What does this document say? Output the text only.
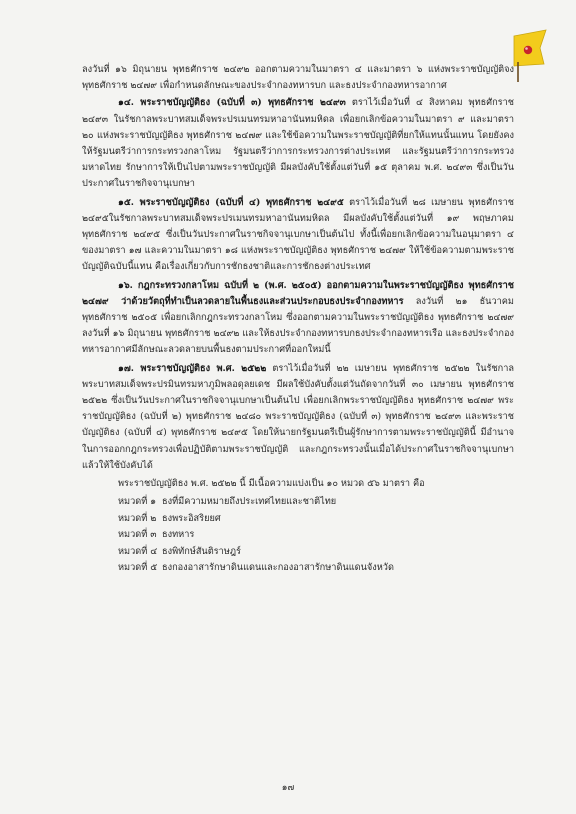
ลงวันที่ ๑๖ มิถุนายน พุทธศักราช ๒๔๙๒ ออกตามความในมาตรา ๔ และมาตรา ๖ แห่งพระราชบัญญัติจง พุทธศักราช ๒๔๗๙ เพื่อกำหนดลักษณะของประจำกองทหารบก และธงประจำกองทหารอากาศ

๑๔. พระราชบัญญัติธง (ฉบับที่ ๓) พุทธศักราช ๒๔๙๓ ตราไว้เมื่อวันที่ ๔ สิงหาคม พุทธศักราช ๒๔๙๓ ในรัชกาลพระบาทสมเด็จพระปรเมนทรมหาอานันทมหิดล เพื่อยกเลิกข้อความในมาตรา ๙ และมาตรา ๒๐ แห่งพระราชบัญญัติธง พุทธศักราช ๒๔๗๙ และใช้ข้อความในพระราชบัญญัติที่ยกให้แทนนั้นแทน โดยยังคงให้รัฐมนตรีว่าการกระทรวงกลาโหม รัฐมนตรีว่าการกระทรวงการต่างประเทศ และรัฐมนตรีว่าการกระทรวงมหาดไทย รักษาการให้เป็นไปตามพระราชบัญญัติ มีผลบังคับใช้ตั้งแต่วันที่ ๑๕ ตุลาคม พ.ศ. ๒๔๙๓ ซึ่งเป็นวันประกาศในราชกิจจานุเบกษา

๑๕. พระราชบัญญัติธง (ฉบับที่ ๔) พุทธศักราช ๒๔๙๕ ตราไว้เมื่อวันที่ ๒๘ เมษายน พุทธศักราช ๒๔๙๕ในรัชกาลพระบาทสมเด็จพระปรเมนทรมหาอานันทมหิดล มีผลบังคับใช้ตั้งแต่วันที่ ๑๙ พฤษภาคม พุทธศักราช ๒๔๙๕ ซึ่งเป็นวันประกาศในราชกิจจานุเบกษาเป็นต้นไป ทั้งนี้เพื่อยกเลิกข้อความในอนุมาตรา ๔ ของมาตรา ๑๗ และความในมาตรา ๑๘ แห่งพระราชบัญญัติธง พุทธศักราช ๒๔๗๙ ให้ใช้ข้อความตามพระราชบัญญัติฉบับนี้แทน คือเรื่องเกี่ยวกับการชักธงชาติและการชักธงต่างประเทศ

๑๖. กฎกระทรวงกลาโหม ฉบับที่ ๒ (พ.ศ. ๒๕๐๕) ออกตามความในพระราชบัญญัติธง พุทธศักราช ๒๔๗๙ ว่าด้วยวัตถุที่ทำเป็นลวดลายในพื้นธงและส่วนประกอบธงประจำกองทหาร ลงวันที่ ๒๑ ธันวาคม พุทธศักราช ๒๕๐๕ เพื่อยกเลิกกฎกระทรวงกลาโหม ซึ่งออกตามความในพระราชบัญญัติธง พุทธศักราช ๒๔๗๙ ลงวันที่ ๑๖ มิถุนายน พุทธศักราช ๒๔๙๒ และให้ธงประจำกองทหารบกธงประจำกองทหารเรือ และธงประจำกองทหารอากาศมีลักษณะลวดลายบนพื้นธงตามประกาศที่ออกใหม่นี้

๑๗. พระราชบัญญัติธง พ.ศ. ๒๕๒๒ ตราไว้เมื่อวันที่ ๒๒ เมษายน พุทธศักราช ๒๕๒๒ ในรัชกาลพระบาทสมเด็จพระปรมินทรมหาภูมิพลอดุลยเดช มีผลใช้บังคับตั้งแต่วันถัดจากวันที่ ๓๐ เมษายน พุทธศักราช ๒๕๒๒ ซึ่งเป็นวันประกาศในราชกิจจานุเบกษาเป็นต้นไป เพื่อยกเลิกพระราชบัญญัติธง พุทธศักราช ๒๔๗๙ พระราชบัญญัติธง (ฉบับที่ ๒) พุทธศักราช ๒๔๘๐ พระราชบัญญัติธง (ฉบับที่ ๓) พุทธศักราช ๒๔๙๓ และพระราชบัญญัติธง (ฉบับที่ ๔) พุทธศักราช ๒๔๙๕ โดยให้นายกรัฐมนตรีเป็นผู้รักษาการตามพระราชบัญญัตินี้ มีอำนาจในการออกกฎกระทรวงเพื่อปฏิบัติตามพระราชบัญญัติ และกฎกระทรวงนั้นเมื่อได้ประกาศในราชกิจจานุเบกษาแล้วให้ใช้บังคับได้

พระราชบัญญัติธง พ.ศ. ๒๕๒๒ นี้ มีเนื้อความแบ่งเป็น ๑๐ หมวด ๕๖ มาตรา คือ

หมวดที่ ๑ ธงที่มีความหมายถึงประเทศไทยและชาติไทย
หมวดที่ ๒ ธงพระอิสริยยศ
หมวดที่ ๓ ธงทหาร
หมวดที่ ๔ ธงพิทักษ์สันติราษฎร์
หมวดที่ ๕ ธงกองอาสารักษาดินแดนและกองอาสารักษาดินแดนจังหวัด
๑๗
